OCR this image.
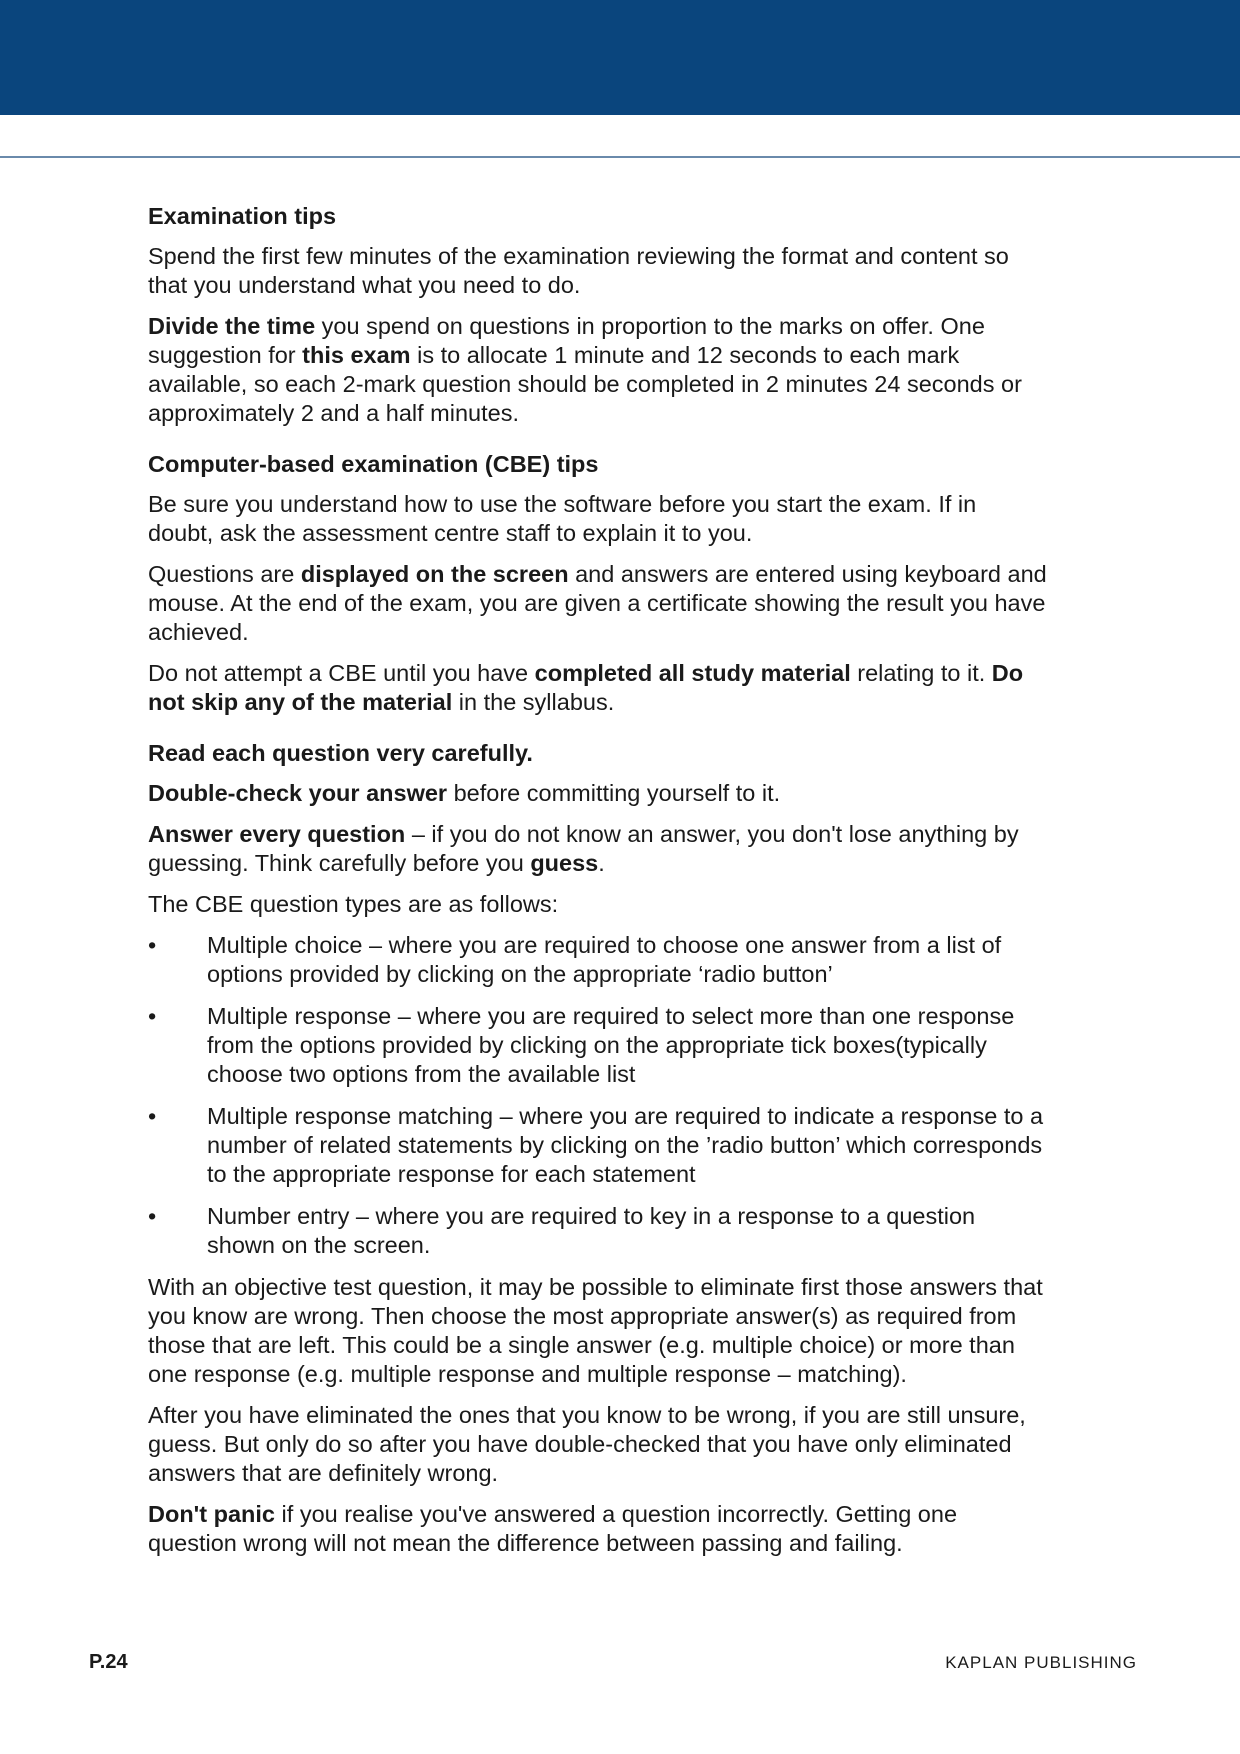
Examination tips

Spend the first few minutes of the examination reviewing the format and content so that you understand what you need to do.

Divide the time you spend on questions in proportion to the marks on offer. One suggestion for this exam is to allocate 1 minute and 12 seconds to each mark available, so each 2-mark question should be completed in 2 minutes 24 seconds or approximately 2 and a half minutes.

Computer-based examination (CBE) tips

Be sure you understand how to use the software before you start the exam. If in doubt, ask the assessment centre staff to explain it to you.

Questions are displayed on the screen and answers are entered using keyboard and mouse. At the end of the exam, you are given a certificate showing the result you have achieved.

Do not attempt a CBE until you have completed all study material relating to it. Do not skip any of the material in the syllabus.

Read each question very carefully.

Double-check your answer before committing yourself to it.

Answer every question – if you do not know an answer, you don't lose anything by guessing. Think carefully before you guess.

The CBE question types are as follows:

•	Multiple choice – where you are required to choose one answer from a list of options provided by clicking on the appropriate ‘radio button’
•	Multiple response – where you are required to select more than one response from the options provided by clicking on the appropriate tick boxes(typically choose two options from the available list
•	Multiple response matching – where you are required to indicate a response to a number of related statements by clicking on the ’radio button’ which corresponds to the appropriate response for each statement
•	Number entry – where you are required to key in a response to a question shown on the screen.

With an objective test question, it may be possible to eliminate first those answers that you know are wrong. Then choose the most appropriate answer(s) as required from those that are left. This could be a single answer (e.g. multiple choice) or more than one response (e.g. multiple response and multiple response – matching).

After you have eliminated the ones that you know to be wrong, if you are still unsure, guess. But only do so after you have double-checked that you have only eliminated answers that are definitely wrong.

Don't panic if you realise you've answered a question incorrectly. Getting one question wrong will not mean the difference between passing and failing.

P.24	KAPLAN PUBLISHING
